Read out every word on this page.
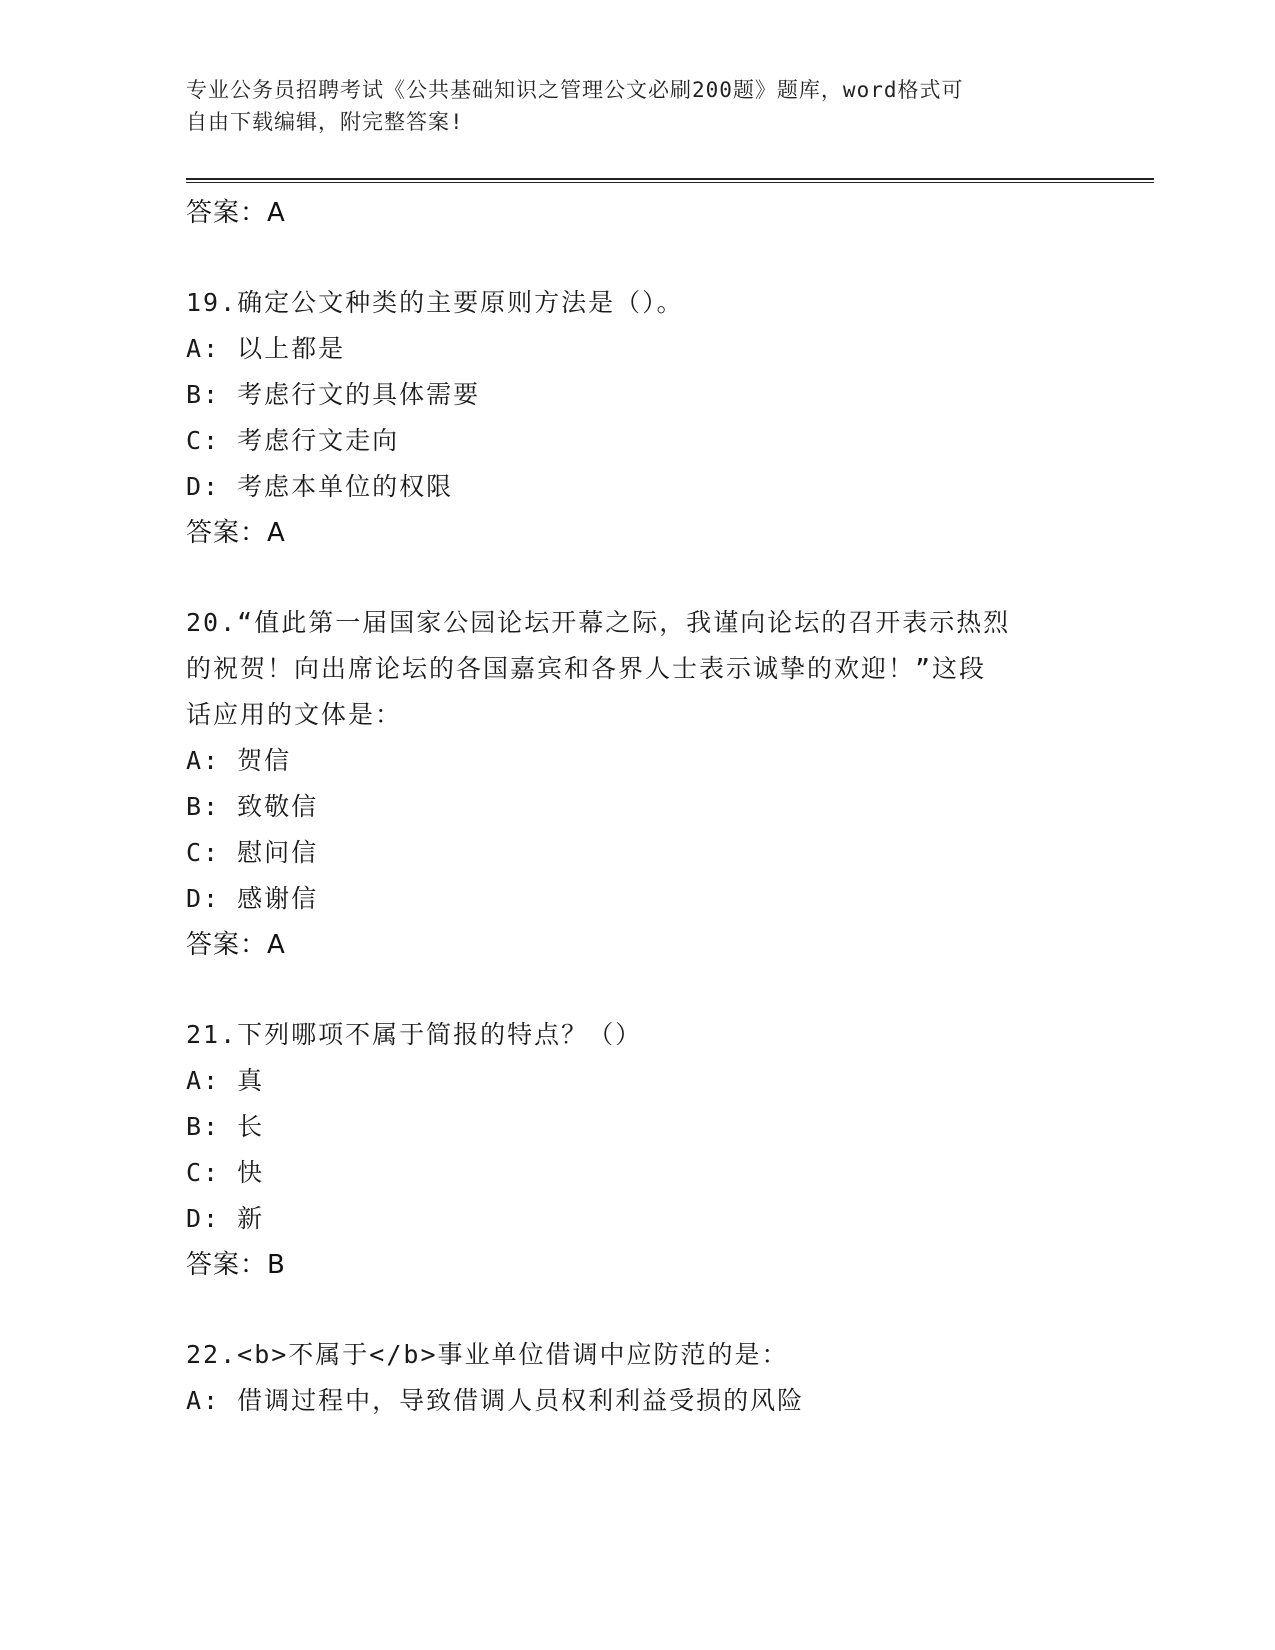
专业公务员招聘考试《公共基础知识之管理公文必刷200题》题库，word格式可
自由下载编辑，附完整答案!
答案：A
19.确定公文种类的主要原则方法是（）。
A: 以上都是
B: 考虑行文的具体需要
C: 考虑行文走向
D: 考虑本单位的权限
答案：A
20.“值此第一届国家公园论坛开幕之际，我谨向论坛的召开表示热烈
的祝贺！向出席论坛的各国嘉宾和各界人士表示诚挚的欢迎！”这段
话应用的文体是：
A: 贺信
B: 致敬信
C: 慰问信
D: 感谢信
答案：A
21.下列哪项不属于简报的特点？（）
A: 真
B: 长
C: 快
D: 新
答案：B
22.<b>不属于</b>事业单位借调中应防范的是：
A: 借调过程中，导致借调人员权利利益受损的风险
